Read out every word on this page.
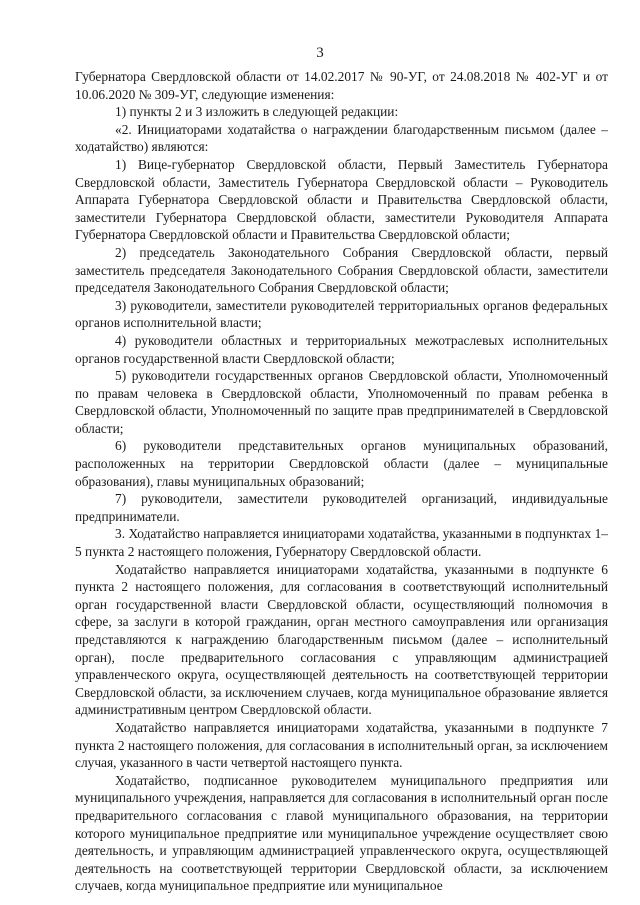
3

Губернатора Свердловской области от 14.02.2017 № 90-УГ, от 24.08.2018 № 402-УГ и от 10.06.2020 № 309-УГ, следующие изменения:

1) пункты 2 и 3 изложить в следующей редакции:

«2. Инициаторами ходатайства о награждении благодарственным письмом (далее – ходатайство) являются:

1) Вице-губернатор Свердловской области, Первый Заместитель Губернатора Свердловской области, Заместитель Губернатора Свердловской области – Руководитель Аппарата Губернатора Свердловской области и Правительства Свердловской области, заместители Губернатора Свердловской области, заместители Руководителя Аппарата Губернатора Свердловской области и Правительства Свердловской области;

2) председатель Законодательного Собрания Свердловской области, первый заместитель председателя Законодательного Собрания Свердловской области, заместители председателя Законодательного Собрания Свердловской области;

3) руководители, заместители руководителей территориальных органов федеральных органов исполнительной власти;

4) руководители областных и территориальных межотраслевых исполнительных органов государственной власти Свердловской области;

5) руководители государственных органов Свердловской области, Уполномоченный по правам человека в Свердловской области, Уполномоченный по правам ребенка в Свердловской области, Уполномоченный по защите прав предпринимателей в Свердловской области;

6) руководители представительных органов муниципальных образований, расположенных на территории Свердловской области (далее – муниципальные образования), главы муниципальных образований;

7) руководители, заместители руководителей организаций, индивидуальные предприниматели.

3. Ходатайство направляется инициаторами ходатайства, указанными в подпунктах 1–5 пункта 2 настоящего положения, Губернатору Свердловской области.

Ходатайство направляется инициаторами ходатайства, указанными в подпункте 6 пункта 2 настоящего положения, для согласования в соответствующий исполнительный орган государственной власти Свердловской области, осуществляющий полномочия в сфере, за заслуги в которой гражданин, орган местного самоуправления или организация представляются к награждению благодарственным письмом (далее – исполнительный орган), после предварительного согласования с управляющим администрацией управленческого округа, осуществляющей деятельность на соответствующей территории Свердловской области, за исключением случаев, когда муниципальное образование является административным центром Свердловской области.

Ходатайство направляется инициаторами ходатайства, указанными в подпункте 7 пункта 2 настоящего положения, для согласования в исполнительный орган, за исключением случая, указанного в части четвертой настоящего пункта.

Ходатайство, подписанное руководителем муниципального предприятия или муниципального учреждения, направляется для согласования в исполнительный орган после предварительного согласования с главой муниципального образования, на территории которого муниципальное предприятие или муниципальное учреждение осуществляет свою деятельность, и управляющим администрацией управленческого округа, осуществляющей деятельность на соответствующей территории Свердловской области, за исключением случаев, когда муниципальное предприятие или муниципальное
